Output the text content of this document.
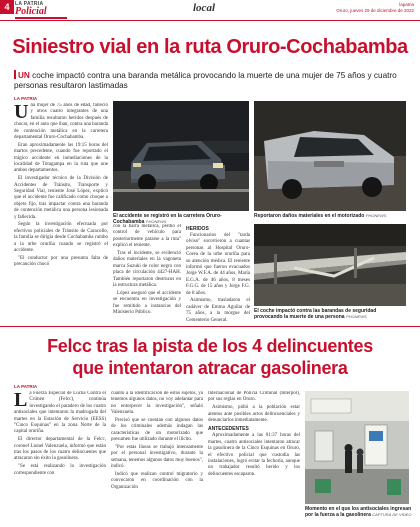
4	LA PATRIA
Policial	local	lapatria
Oruro, jueves 29 de diciembre de 2022
Siniestro vial en la ruta Oruro-Cochabamba
UN coche impactó contra una baranda metálica provocando la muerte de una mujer de 75 años y cuatro personas resultaron lastimadas
LA PATRIA
U na mujer de 75 años de edad, falleció y otros cuatro integrantes de una familia resultaron heridos después de chocar, en el auto que iban, contra una baranda de contención metálica en la carretera departamental Oruro-Cochabamba.

Eran aproximadamente las 19:15 horas del martos precedente, cuando fue reportado el trágico accidente en inmediaciones de la localidad de Totagampa en la ruta que une ambos departamentos.

El investigador técnico de la División de Accidentes de Tránsito, Transporte y Seguridad Vial, teniente José López, explicó que el accidente fue calificado como choque a objeto fijo, tras impactar contra una baranda de contención metálica una persona lesionada y fallecida.

Según la investigación efectuada por efectivos policiales de Tránsito de Caracollo, la familia se dirigía desde Cochabamba rumbo a la urbe oruriña cuando se registró el accidente.

"El conductor por una presunta falta de precaución chocó

El accidente se registró en la carretera Oruro-Cochabamba PHONEWS
Reportaron daños materiales en el motorizado PHONEWS

con la barra metálica, perdió el control de vehículo para posteriormente pararse a la ruta" explicó el teniente.

Tras el incidente, se evidenció daños materiales en la vagoneta marca Suzuki de color negro con placa de circulación 4427-HAH. También reportaron destrozos en la estructura metálica.

López aseguró que el accidente se encuentra en investigación y fue remitido a instancias del Ministerio Público.

HERIDOS

Funcionarios del "tarda olviso" socorrieron a cuantas personas al Hospital Oruro-Corea de la urbe oruriña para su atención médica. El teniente informó que fueron evacuados Jorge W.F.A. de 44 años, María E.G.A. de 46 años, 8 meses F.G.G. de 15 años y Jorge F.G. de 8 años.

Asimismo, trasladaron el cadáver de Emma Aguilar de 75 años, a la morgue del Cementerio General.

El coche impactó contra las barandas de seguridad provocando la muerte de una persona PHONEWS
Felcc tras la pista de los 4 delincuentes
que intentaron atracar gasolinera
LA PATRIA
L a Fuerza Especial de Lucha Contra el Crimen (Felcc), continúa investigando el paradero de los cuatro antisociales que intentaron la madrugada del martes en la Estación de Servicio (EESS) "Cinco Esquinas" en la zona Norte de la capital oruriña.

El director departamental de la Felcc, coronel Lionel Valenzuela, informó que están tras los pasos de los cuatro delincuentes que atracaron sin éxito la gasolinera.

"Se está realizando la investigación correspondiente con

cuanto a la identificación de estos sujetos, ya tenemos algunos datos, no voy adelantar para no entorpecer la investigación", señaló Valenzuela.

Precisó que se cuentan con algunos datos de los criminales además indagan las características de un motorizado que presumen fue utilizado durante el ilícito.

"Por estas líneas se trabajó intensamente por el personal investigativo, durante la semana, tenemos algunos datos muy buenos", indicó.

Indicó que realizan control migratorio y convocaron en coordinación con la Organización

Internacional de Policía Criminal (Interpol), por sus reglas en Oruro.

Asimismo, pidió a la población estar atentos ante posibles actos delincuenciales y denunciarlos inmediatamente.

ANTECEDENTES

Aproximadamente a las 01:37 horas del martes, cuatro antisociales intentaron atracar la gasolinera de la Cinco Esquinas en Oruro, el efectivo policial que custodia las instalaciones, logró evitar la fechoría, aunque un trabajador resultó herido y los delincuentes escaparon.

Momento en el que los antisociales ingresan por la fuerza a la gasolinera CAPTURA DE VIDEO
